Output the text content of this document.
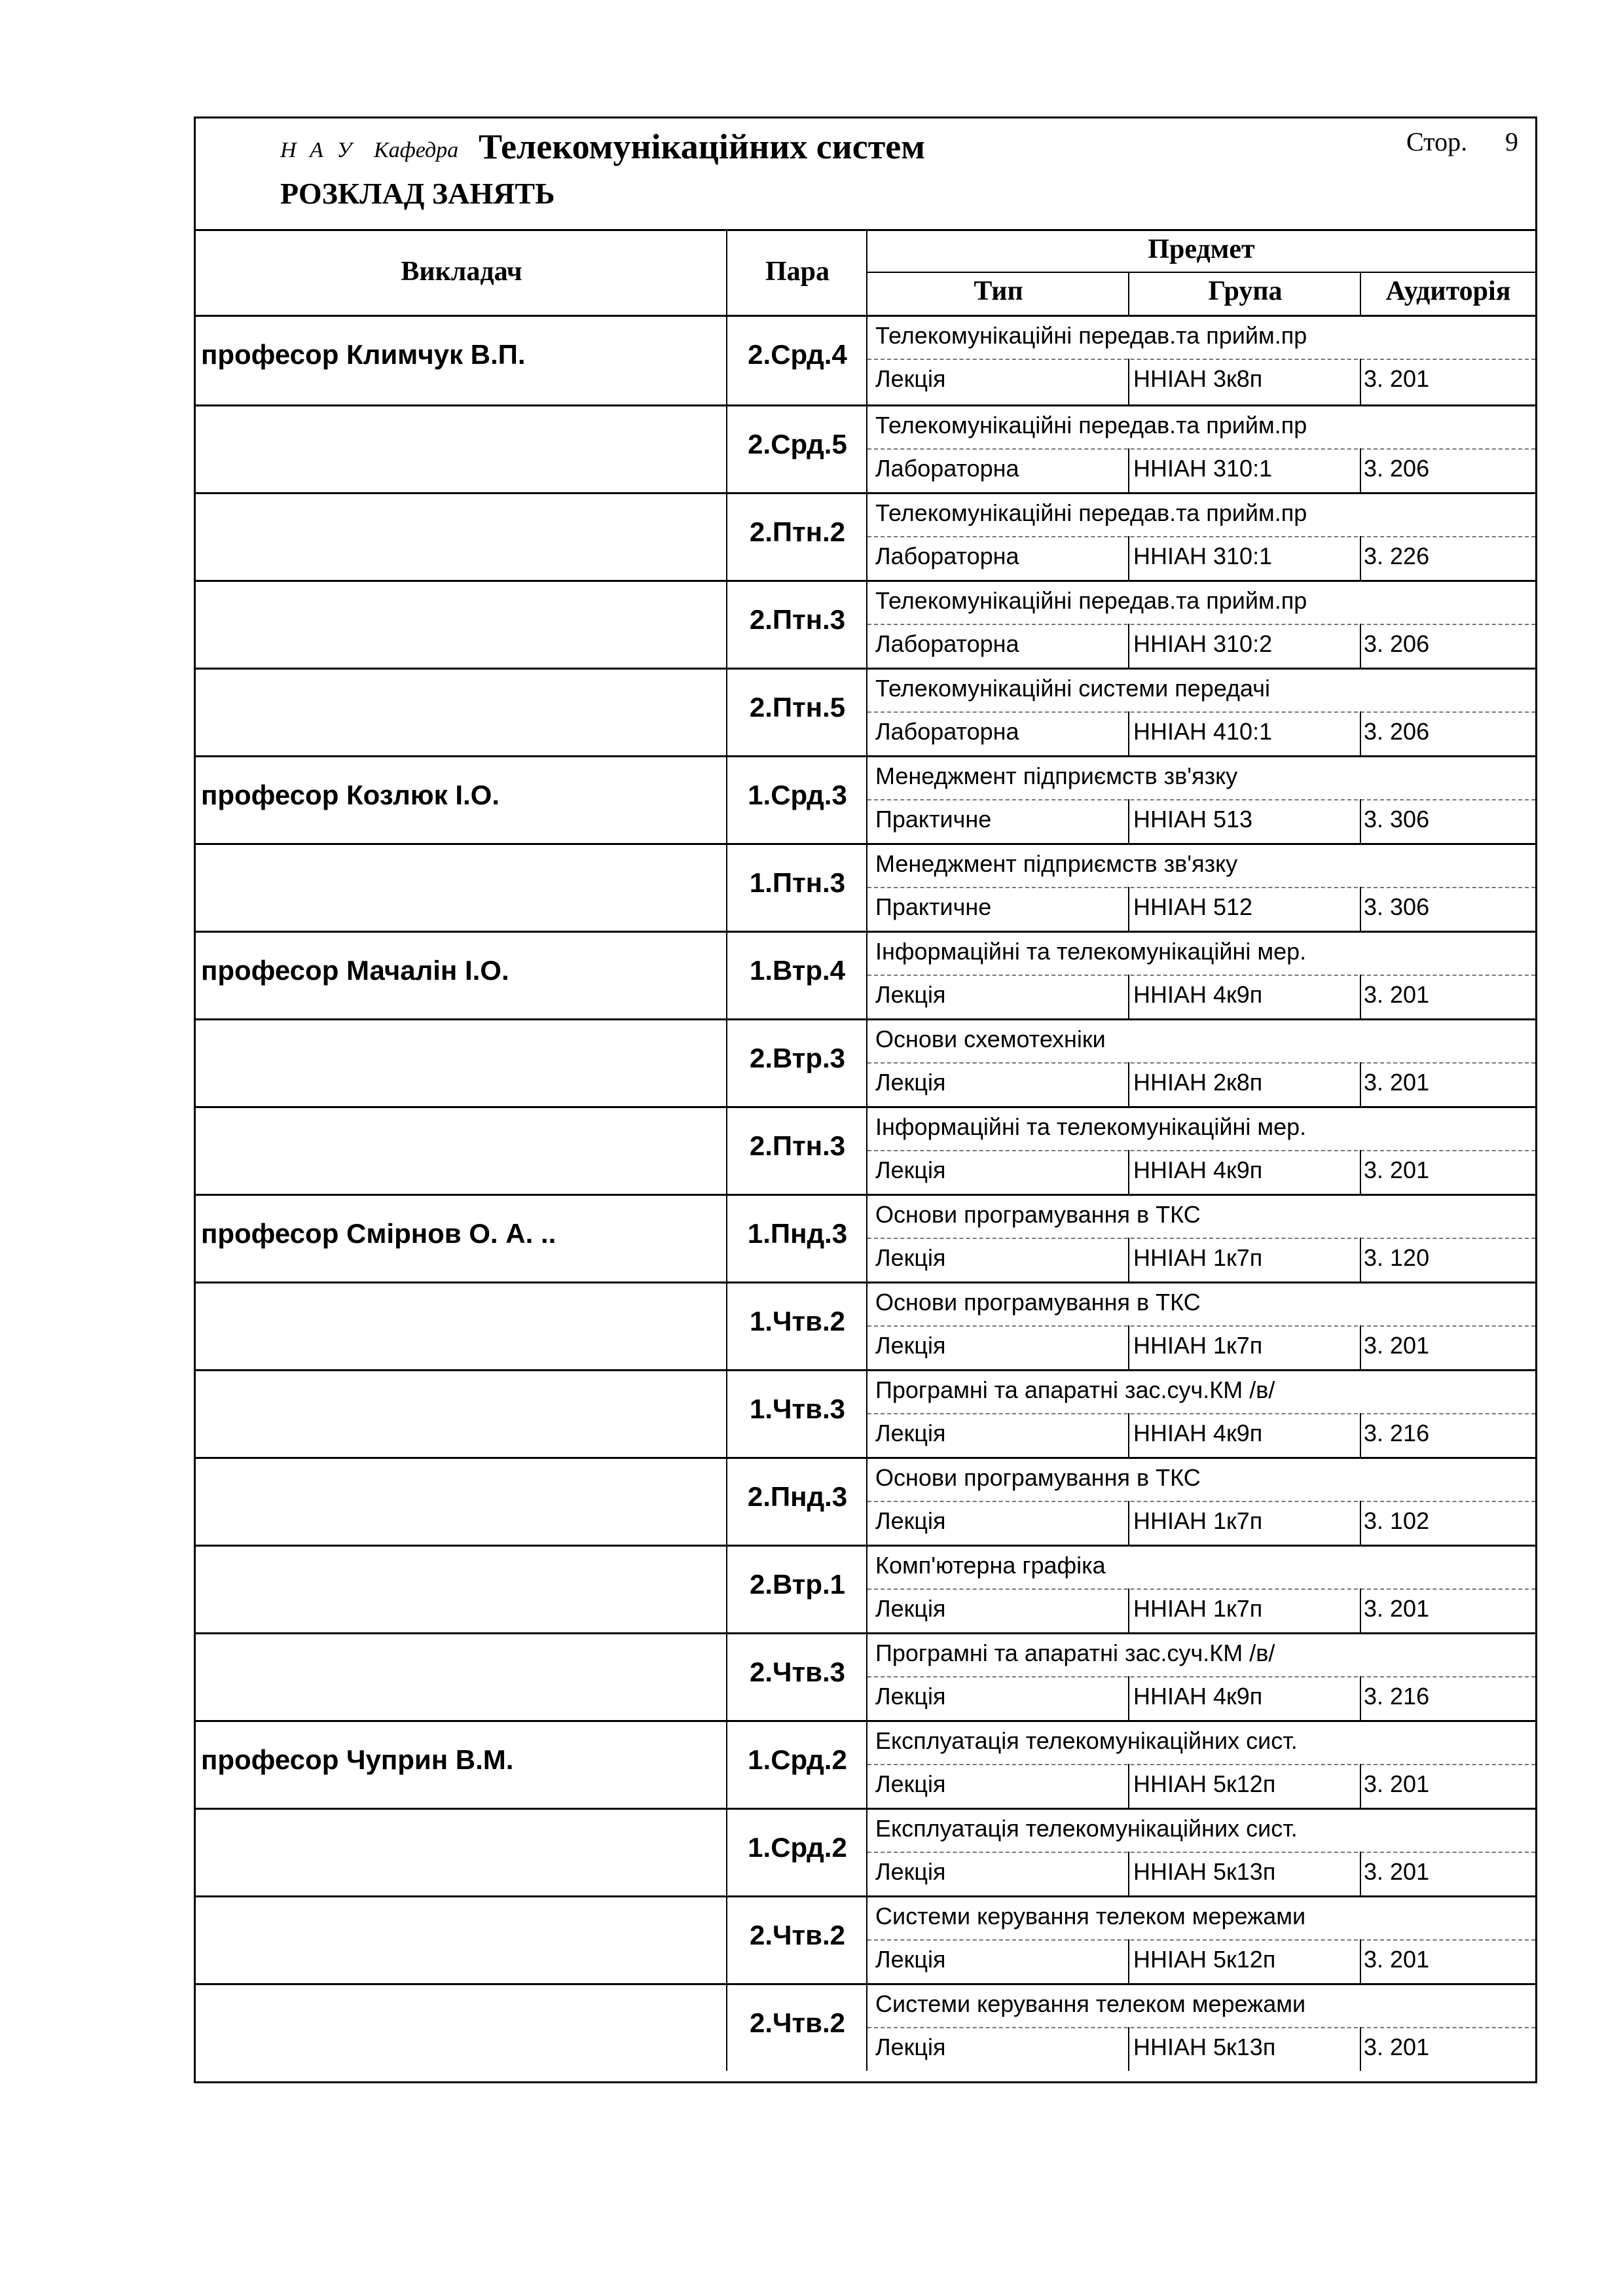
Н А У Кафедра Телекомунікаційних систем
РОЗКЛАД ЗАНЯТЬ
Стор. 9
Викладач	Пара
Предмет
Тип	Група	Аудиторія
професор Климчук В.П.	2.Срд.4
Телекомунікаційні передав.та прийм.пр
Лекція	ННІАН 3к8п	3. 201
2.Срд.5
Телекомунікаційні передав.та прийм.пр
Лабораторна	ННІАН 310:1	3. 206
2.Птн.2
Телекомунікаційні передав.та прийм.пр
Лабораторна	ННІАН 310:1	3. 226
2.Птн.3
Телекомунікаційні передав.та прийм.пр
Лабораторна	ННІАН 310:2	3. 206
2.Птн.5
Телекомунікаційні системи передачі
Лабораторна	ННІАН 410:1	3. 206
професор Козлюк І.О.	1.Срд.3
Менеджмент підприємств зв'язку
Практичне	ННІАН 513	3. 306
1.Птн.3
Менеджмент підприємств зв'язку
Практичне	ННІАН 512	3. 306
професор Мачалін І.О.	1.Втр.4
Інформаційні та телекомунікаційні мер.
Лекція	ННІАН 4к9п	3. 201
2.Втр.3
Основи схемотехніки
Лекція	ННІАН 2к8п	3. 201
2.Птн.3
Інформаційні та телекомунікаційні мер.
Лекція	ННІАН 4к9п	3. 201
професор Смірнов О. А. ..	1.Пнд.3
Основи програмування в ТКС
Лекція	ННІАН 1к7п	3. 120
1.Чтв.2
Основи програмування в ТКС
Лекція	ННІАН 1к7п	3. 201
1.Чтв.3
Програмні та апаратні зас.суч.КМ /в/
Лекція	ННІАН 4к9п	3. 216
2.Пнд.3
Основи програмування в ТКС
Лекція	ННІАН 1к7п	3. 102
2.Втр.1
Комп'ютерна графіка
Лекція	ННІАН 1к7п	3. 201
2.Чтв.3
Програмні та апаратні зас.суч.КМ /в/
Лекція	ННІАН 4к9п	3. 216
професор Чуприн В.М.	1.Срд.2
Експлуатація телекомунікаційних сист.
Лекція	ННІАН 5к12п	3. 201
1.Срд.2
Експлуатація телекомунікаційних сист.
Лекція	ННІАН 5к13п	3. 201
2.Чтв.2
Системи керування телеком мережами
Лекція	ННІАН 5к12п	3. 201
2.Чтв.2
Системи керування телеком мережами
Лекція	ННІАН 5к13п	3. 201
